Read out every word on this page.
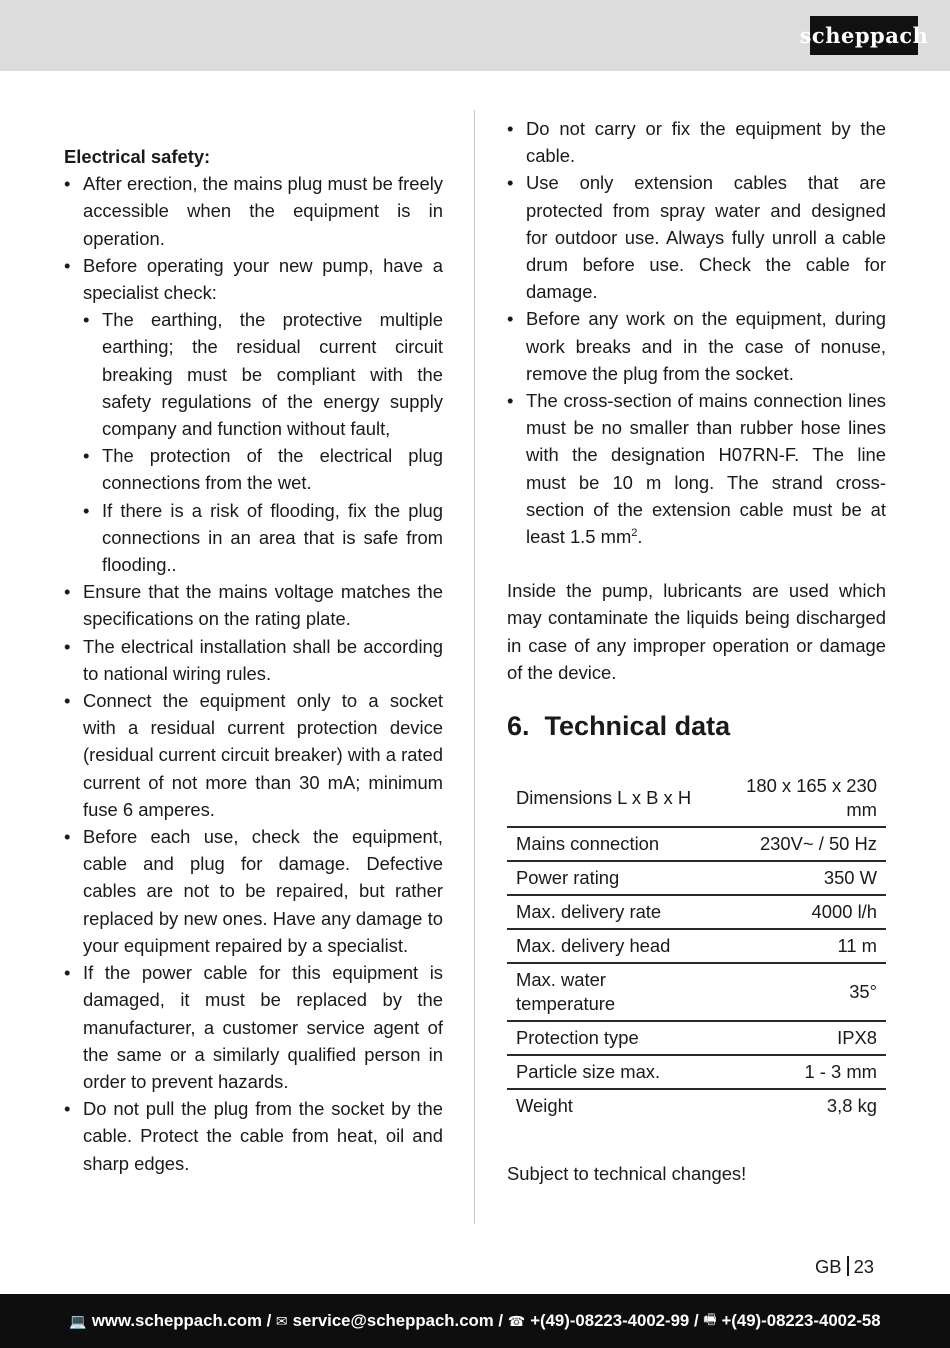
scheppach

Electrical safety:

• After erection, the mains plug must be freely accessible when the equipment is in operation.
• Before operating your new pump, have a specialist check:
• The earthing, the protective multiple earthing; the residual current circuit breaking must be compliant with the safety regulations of the energy supply company and function without fault,
• The protection of the electrical plug connections from the wet.
• If there is a risk of flooding, fix the plug connections in an area that is safe from flooding..
• Ensure that the mains voltage matches the specifications on the rating plate.
• The electrical installation shall be according to national wiring rules.
• Connect the equipment only to a socket with a residual current protection device (residual current circuit breaker) with a rated current of not more than 30 mA; minimum fuse 6 amperes.
• Before each use, check the equipment, cable and plug for damage. Defective cables are not to be repaired, but rather replaced by new ones. Have any damage to your equipment repaired by a specialist.
• If the power cable for this equipment is damaged, it must be replaced by the manufacturer, a customer service agent of the same or a similarly qualified person in order to prevent hazards.
• Do not pull the plug from the socket by the cable. Protect the cable from heat, oil and sharp edges.
• Do not carry or fix the equipment by the cable.
• Use only extension cables that are protected from spray water and designed for outdoor use. Always fully unroll a cable drum before use. Check the cable for damage.
• Before any work on the equipment, during work breaks and in the case of nonuse, remove the plug from the socket.
• The cross-section of mains connection lines must be no smaller than rubber hose lines with the designation H07RN-F. The line must be 10 m long. The strand cross-section of the extension cable must be at least 1.5 $mm^2$.

Inside the pump, lubricants are used which may contaminate the liquids being discharged in case of any improper operation or damage of the device.

6. Technical data
Dimensions L x B x H	180 x 165 x 230 mm
Mains connection	230V~ / 50 Hz
Power rating	350 W
Max. delivery rate	4000 l/h
Max. delivery head	11 m
Max. water temperature	35°
Protection type	IPX8
Particle size max.	1 - 3 mm
Weight	3,8 kg

Subject to technical changes!

GB 23
💻 www.scheppach.com
/
✉ service@scheppach.com
/
☎ +(49)-08223-4002-99
/
🖷 +(49)-08223-4002-58
